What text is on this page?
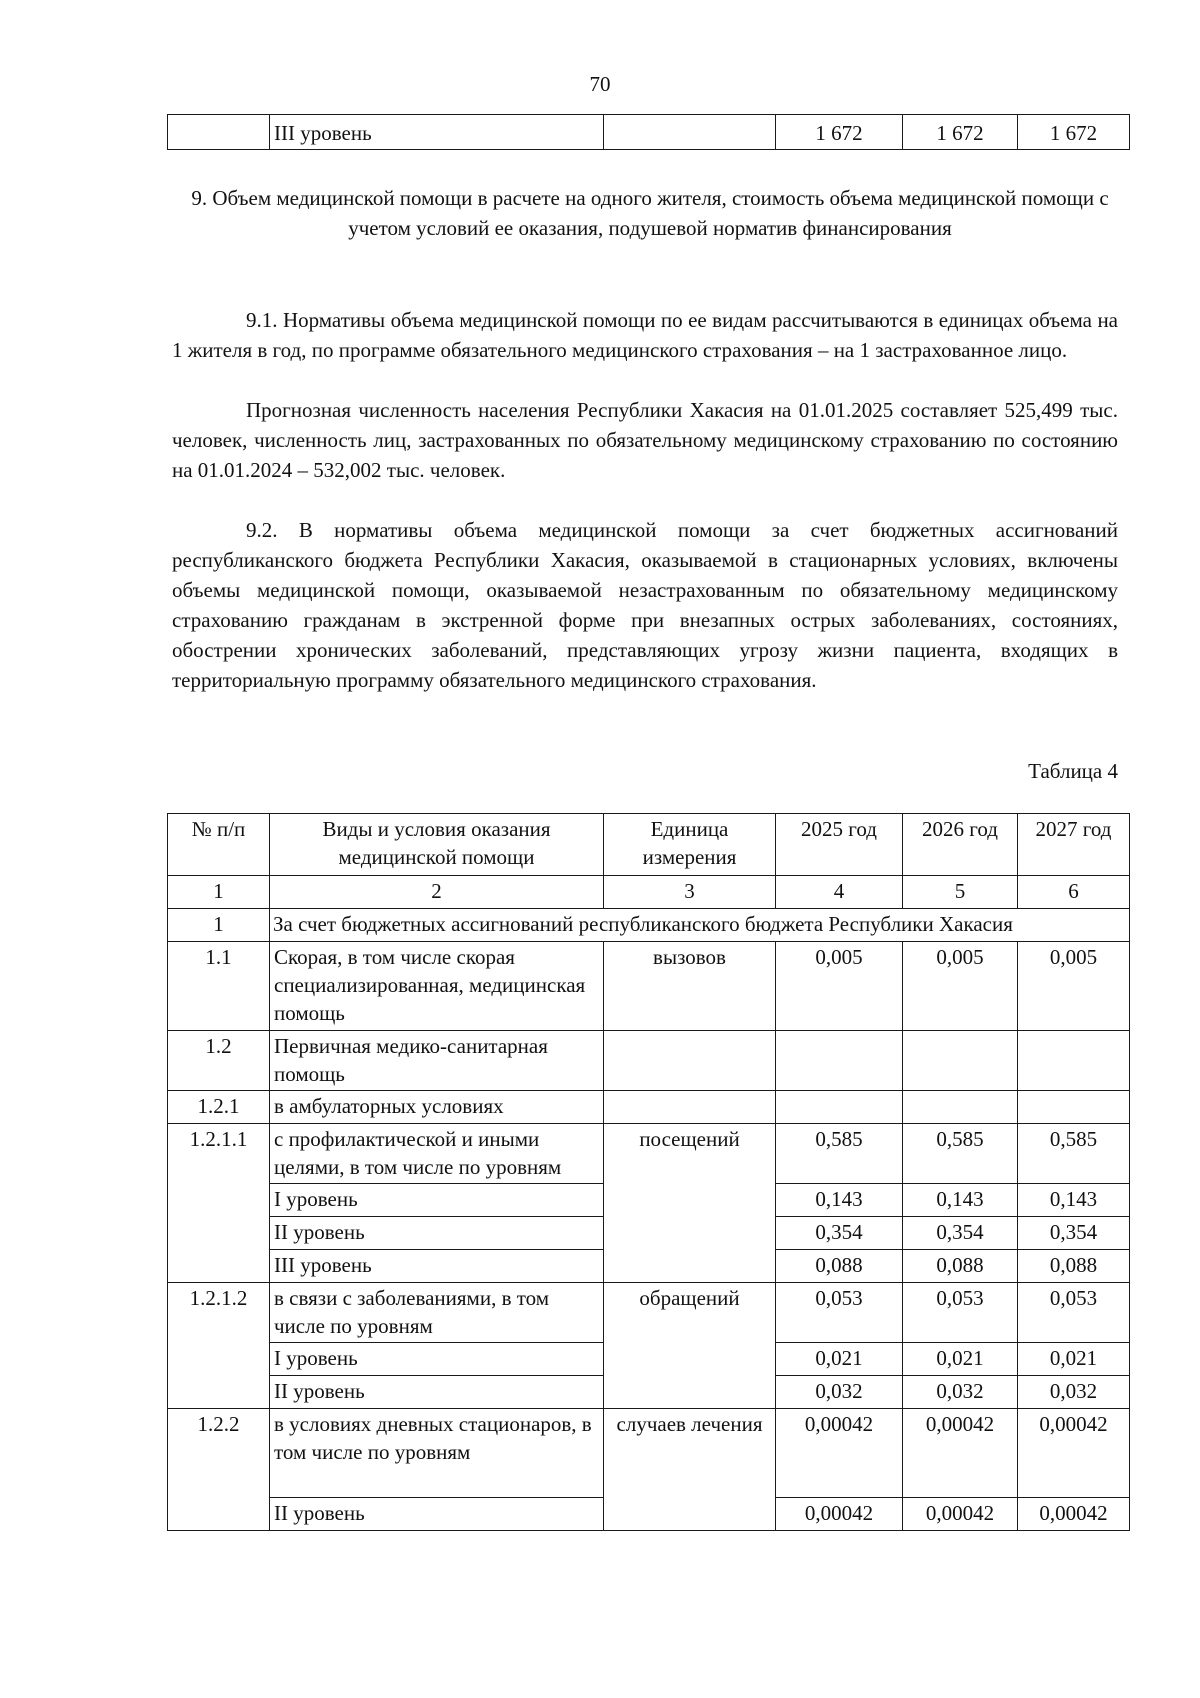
70
	III уровень		1 672	1 672	1 672
9. Объем медицинской помощи в расчете на одного жителя, стоимость объема медицинской помощи с учетом условий ее оказания, подушевой норматив финансирования
9.1. Нормативы объема медицинской помощи по ее видам рассчитываются в единицах объема на 1 жителя в год, по программе обязательного медицинского страхования – на 1 застрахованное лицо.
Прогнозная численность населения Республики Хакасия на 01.01.2025 составляет 525,499 тыс. человек, численность лиц, застрахованных по обязательному медицинскому страхованию по состоянию на 01.01.2024 – 532,002 тыс. человек.
9.2. В нормативы объема медицинской помощи за счет бюджетных ассигнований республиканского бюджета Республики Хакасия, оказываемой в стационарных условиях, включены объемы медицинской помощи, оказываемой незастрахованным по обязательному медицинскому страхованию гражданам в экстренной форме при внезапных острых заболеваниях, состояниях, обострении хронических заболеваний, представляющих угрозу жизни пациента, входящих в территориальную программу обязательного медицинского страхования.
Таблица 4
№ п/п	Виды и условия оказания медицинской помощи	Единица измерения	2025 год	2026 год	2027 год
1	2	3	4	5	6
1	За счет бюджетных ассигнований республиканского бюджета Республики Хакасия				
1.1	Скорая, в том числе скорая специализированная, медицинская помощь	вызовов	0,005	0,005	0,005
1.2	Первичная медико-санитарная помощь				
1.2.1	в амбулаторных условиях				
1.2.1.1	с профилактической и иными целями, в том числе по уровням	посещений	0,585	0,585	0,585
	I уровень		0,143	0,143	0,143
	II уровень		0,354	0,354	0,354
	III уровень		0,088	0,088	0,088
1.2.1.2	в связи с заболеваниями, в том числе по уровням	обращений	0,053	0,053	0,053
	I уровень		0,021	0,021	0,021
	II уровень		0,032	0,032	0,032
1.2.2	в условиях дневных стационаров, в том числе по уровням	случаев лечения	0,00042	0,00042	0,00042
	II уровень		0,00042	0,00042	0,00042
